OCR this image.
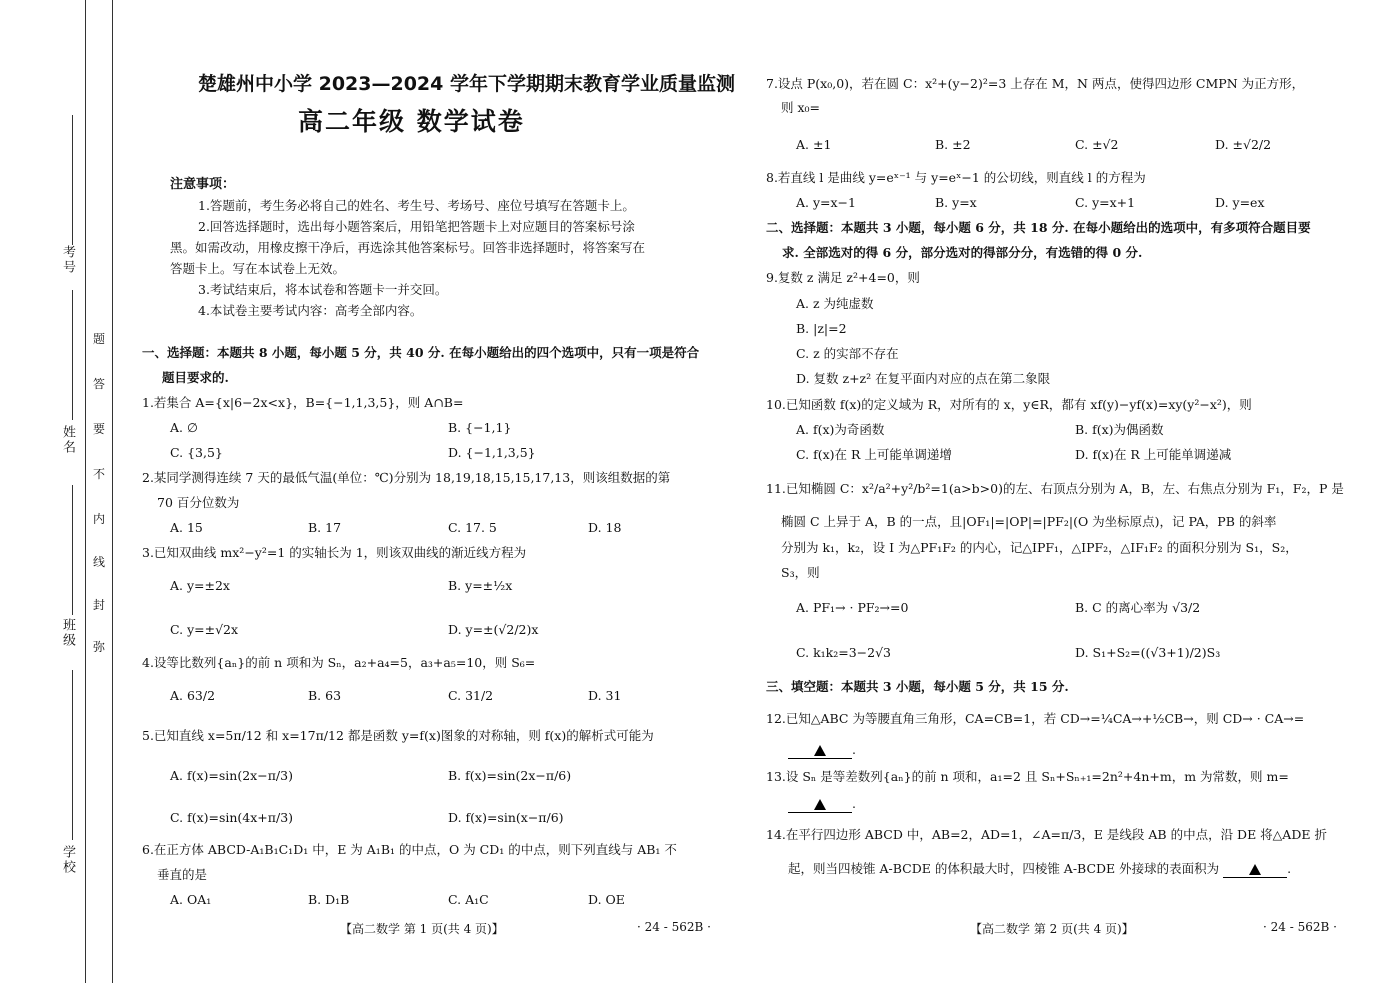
考号
姓名
班级
学校
题
答
要
不
内
线
封
弥
楚雄州中小学 2023—2024 学年下学期期末教育学业质量监测
高二年级 数学试卷
注意事项：
1.答题前，考生务必将自己的姓名、考生号、考场号、座位号填写在答题卡上。
2.回答选择题时，选出每小题答案后，用铅笔把答题卡上对应题目的答案标号涂
黑。如需改动，用橡皮擦干净后，再选涂其他答案标号。回答非选择题时，将答案写在
答题卡上。写在本试卷上无效。
3.考试结束后，将本试卷和答题卡一并交回。
4.本试卷主要考试内容：高考全部内容。
一、选择题：本题共 8 小题，每小题 5 分，共 40 分. 在每小题给出的四个选项中，只有一项是符合
题目要求的.
1.若集合 A={x|6−2x<x}，B={−1,1,3,5}，则 A∩B=
A. ∅	B. {−1,1}
C. {3,5}	D. {−1,1,3,5}
2.某同学测得连续 7 天的最低气温(单位：℃)分别为 18,19,18,15,15,17,13，则该组数据的第
70 百分位数为
A. 15	B. 17	C. 17. 5	D. 18
3.已知双曲线 mx²−y²=1 的实轴长为 1，则该双曲线的渐近线方程为
A. y=±2x	B. y=±½x
C. y=±√2x	D. y=±(√2/2)x
4.设等比数列{aₙ}的前 n 项和为 Sₙ，a₂+a₄=5，a₃+a₅=10，则 S₆=
A. 63/2	B. 63	C. 31/2	D. 31
5.已知直线 x=5π/12 和 x=17π/12 都是函数 y=f(x)图象的对称轴，则 f(x)的解析式可能为
A. f(x)=sin(2x−π/3)	B. f(x)=sin(2x−π/6)
C. f(x)=sin(4x+π/3)	D. f(x)=sin(x−π/6)
6.在正方体 ABCD-A₁B₁C₁D₁ 中，E 为 A₁B₁ 的中点，O 为 CD₁ 的中点，则下列直线与 AB₁ 不
垂直的是
A. OA₁	B. D₁B	C. A₁C	D. OE
【高二数学 第 1 页(共 4 页)】	· 24 - 562B ·
7.设点 P(x₀,0)，若在圆 C：x²+(y−2)²=3 上存在 M，N 两点，使得四边形 CMPN 为正方形，
则 x₀=
A. ±1	B. ±2	C. ±√2	D. ±√2/2
8.若直线 l 是曲线 y=eˣ⁻¹ 与 y=eˣ−1 的公切线，则直线 l 的方程为
A. y=x−1	B. y=x	C. y=x+1	D. y=ex
二、选择题：本题共 3 小题，每小题 6 分，共 18 分. 在每小题给出的选项中，有多项符合题目要
求. 全部选对的得 6 分，部分选对的得部分分，有选错的得 0 分.
9.复数 z 满足 z²+4=0，则
A. z 为纯虚数
B. |z|=2
C. z 的实部不存在
D. 复数 z+z² 在复平面内对应的点在第二象限
10.已知函数 f(x)的定义域为 R，对所有的 x，y∈R，都有 xf(y)−yf(x)=xy(y²−x²)，则
A. f(x)为奇函数	B. f(x)为偶函数
C. f(x)在 R 上可能单调递增	D. f(x)在 R 上可能单调递减
11.已知椭圆 C：x²/a²+y²/b²=1(a>b>0)的左、右顶点分别为 A，B，左、右焦点分别为 F₁，F₂，P 是
椭圆 C 上异于 A，B 的一点，且|OF₁|=|OP|=|PF₂|(O 为坐标原点)，记 PA，PB 的斜率
分别为 k₁，k₂，设 I 为△PF₁F₂ 的内心，记△IPF₁，△IPF₂，△IF₁F₂ 的面积分别为 S₁，S₂，
S₃，则
A. PF₁→ · PF₂→=0	B. C 的离心率为 √3/2
C. k₁k₂=3−2√3	D. S₁+S₂=((√3+1)/2)S₃
三、填空题：本题共 3 小题，每小题 5 分，共 15 分.
12.已知△ABC 为等腰直角三角形，CA=CB=1，若 CD→=¼CA→+½CB→，则 CD→ · CA→=
.
13.设 Sₙ 是等差数列{aₙ}的前 n 项和，a₁=2 且 Sₙ+Sₙ₊₁=2n²+4n+m，m 为常数，则 m=
.
14.在平行四边形 ABCD 中，AB=2，AD=1，∠A=π/3，E 是线段 AB 的中点，沿 DE 将△ADE 折
起，则当四棱锥 A-BCDE 的体积最大时，四棱锥 A-BCDE 外接球的表面积为	.
【高二数学 第 2 页(共 4 页)】	· 24 - 562B ·
